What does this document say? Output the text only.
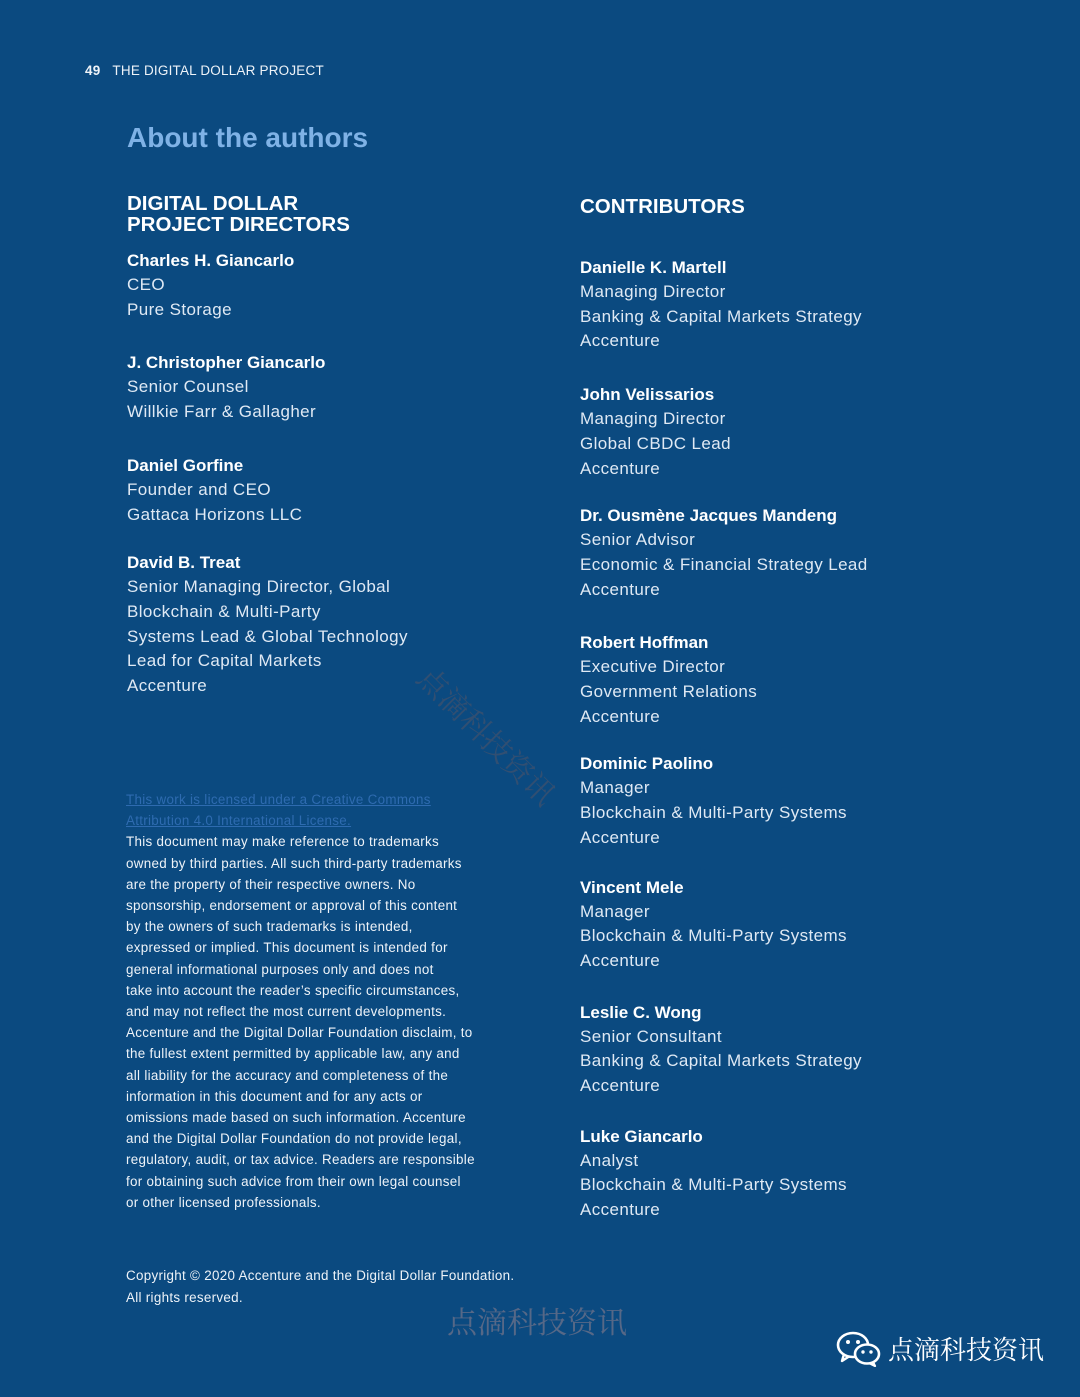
49 THE DIGITAL DOLLAR PROJECT
About the authors
DIGITAL DOLLAR
PROJECT DIRECTORS
Charles H. Giancarlo
CEO
Pure Storage
J. Christopher Giancarlo
Senior Counsel
Willkie Farr & Gallagher
Daniel Gorfine
Founder and CEO
Gattaca Horizons LLC
David B. Treat
Senior Managing Director, Global
Blockchain & Multi-Party
Systems Lead & Global Technology
Lead for Capital Markets
Accenture
CONTRIBUTORS
Danielle K. Martell
Managing Director
Banking & Capital Markets Strategy
Accenture
John Velissarios
Managing Director
Global CBDC Lead
Accenture
Dr. Ousmène Jacques Mandeng
Senior Advisor
Economic & Financial Strategy Lead
Accenture
Robert Hoffman
Executive Director
Government Relations
Accenture
Dominic Paolino
Manager
Blockchain & Multi-Party Systems
Accenture
Vincent Mele
Manager
Blockchain & Multi-Party Systems
Accenture
Leslie C. Wong
Senior Consultant
Banking & Capital Markets Strategy
Accenture
Luke Giancarlo
Analyst
Blockchain & Multi-Party Systems
Accenture
This work is licensed under a Creative Commons
Attribution 4.0 International License.
This document may make reference to trademarks
owned by third parties. All such third-party trademarks
are the property of their respective owners. No
sponsorship, endorsement or approval of this content
by the owners of such trademarks is intended,
expressed or implied. This document is intended for
general informational purposes only and does not
take into account the reader’s specific circumstances,
and may not reflect the most current developments.
Accenture and the Digital Dollar Foundation disclaim, to
the fullest extent permitted by applicable law, any and
all liability for the accuracy and completeness of the
information in this document and for any acts or
omissions made based on such information. Accenture
and the Digital Dollar Foundation do not provide legal,
regulatory, audit, or tax advice. Readers are responsible
for obtaining such advice from their own legal counsel
or other licensed professionals.
Copyright © 2020 Accenture and the Digital Dollar Foundation.
All rights reserved.
点滴科技资讯
点滴科技资讯
点滴科技资讯
